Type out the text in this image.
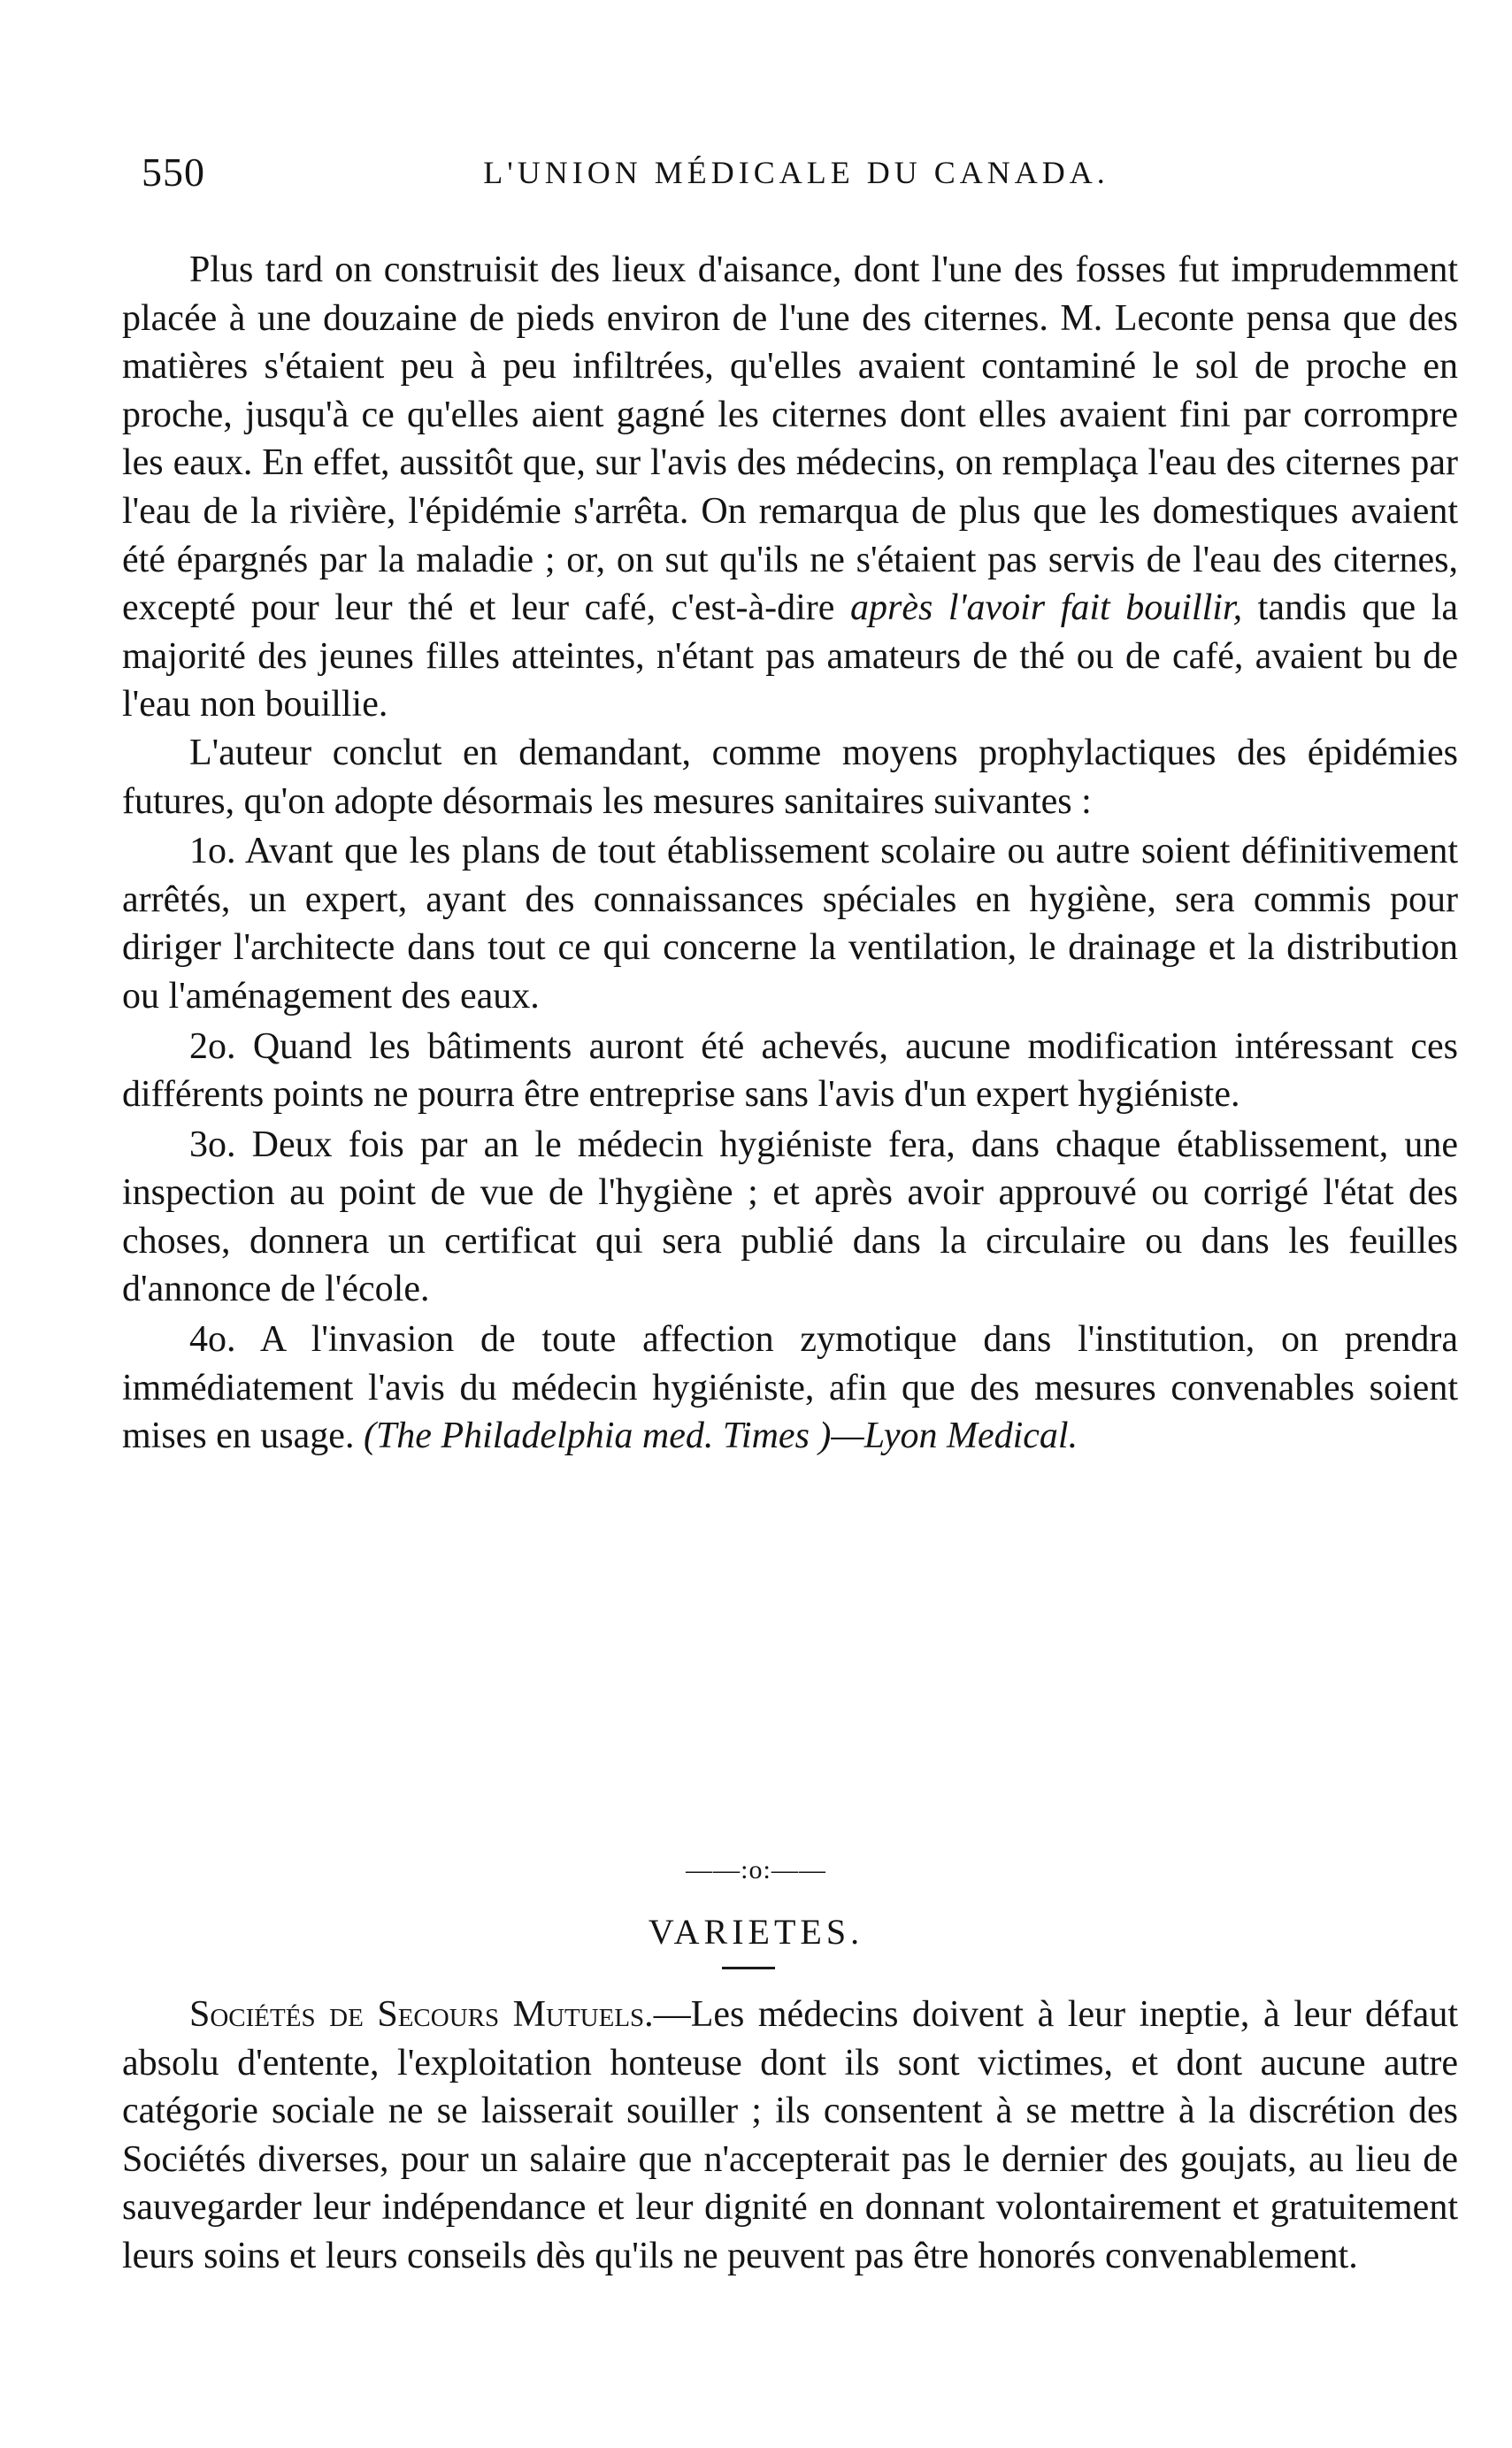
550	L'UNION MÉDICALE DU CANADA.

Plus tard on construisit des lieux d'aisance, dont l'une des fosses fut imprudemment placée à une douzaine de pieds environ de l'une des citernes. M. Leconte pensa que des matières s'étaient peu à peu infiltrées, qu'elles avaient contaminé le sol de proche en proche, jusqu'à ce qu'elles aient gagné les citernes dont elles avaient fini par corrompre les eaux. En effet, aussitôt que, sur l'avis des médecins, on remplaça l'eau des citernes par l'eau de la rivière, l'épidémie s'arrêta. On remarqua de plus que les domestiques avaient été épargnés par la maladie ; or, on sut qu'ils ne s'étaient pas servis de l'eau des citernes, excepté pour leur thé et leur café, c'est-à-dire après l'avoir fait bouillir, tandis que la majorité des jeunes filles atteintes, n'étant pas amateurs de thé ou de café, avaient bu de l'eau non bouillie.

L'auteur conclut en demandant, comme moyens prophylactiques des épidémies futures, qu'on adopte désormais les mesures sanitaires suivantes :

1o. Avant que les plans de tout établissement scolaire ou autre soient définitivement arrêtés, un expert, ayant des connaissances spéciales en hygiène, sera commis pour diriger l'architecte dans tout ce qui concerne la ventilation, le drainage et la distribution ou l'aménagement des eaux.

2o. Quand les bâtiments auront été achevés, aucune modification intéressant ces différents points ne pourra être entreprise sans l'avis d'un expert hygiéniste.

3o. Deux fois par an le médecin hygiéniste fera, dans chaque établissement, une inspection au point de vue de l'hygiène ; et après avoir approuvé ou corrigé l'état des choses, donnera un certificat qui sera publié dans la circulaire ou dans les feuilles d'annonce de l'école.

4o. A l'invasion de toute affection zymotique dans l'institution, on prendra immédiatement l'avis du médecin hygiéniste, afin que des mesures convenables soient mises en usage. (The Philadelphia med. Times )—Lyon Medical.

——:o:——
VARIETES.

Sociétés de Secours Mutuels.—Les médecins doivent à leur ineptie, à leur défaut absolu d'entente, l'exploitation honteuse dont ils sont victimes, et dont aucune autre catégorie sociale ne se laisserait souiller ; ils consentent à se mettre à la discrétion des Sociétés diverses, pour un salaire que n'accepterait pas le dernier des goujats, au lieu de sauvegarder leur indépendance et leur dignité en donnant volontairement et gratuitement leurs soins et leurs conseils dès qu'ils ne peuvent pas être honorés convenablement.
